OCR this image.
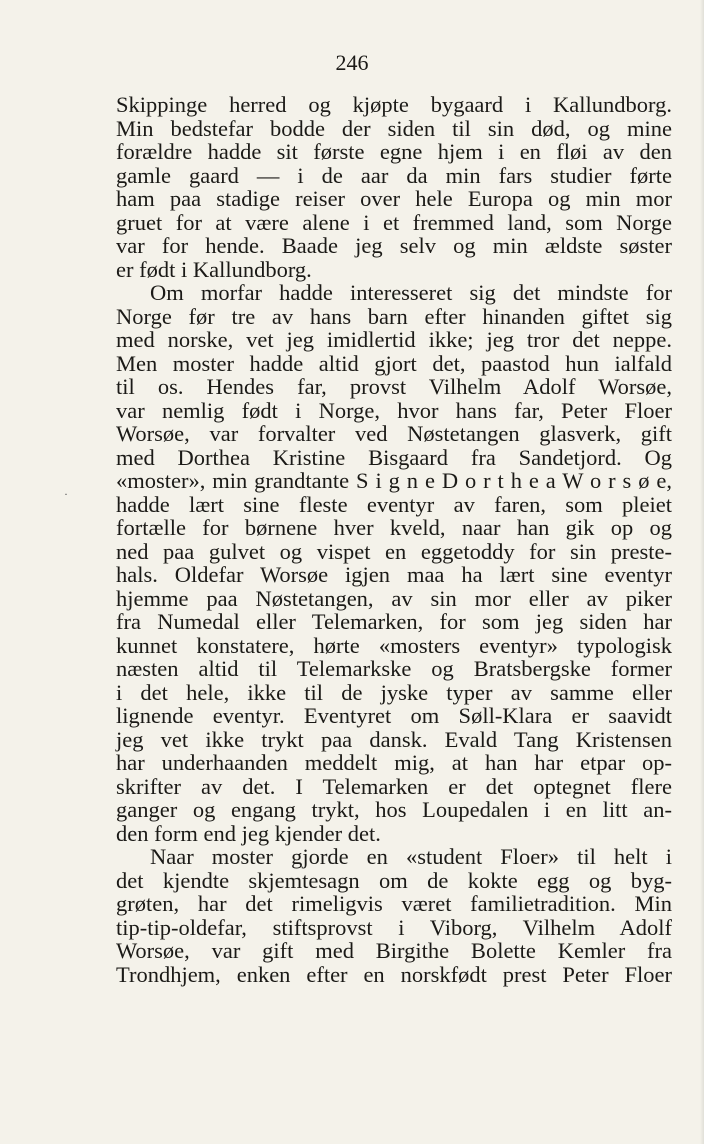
246
·
Skippinge herred og kjøpte bygaard i Kallundborg.
Min bedstefar bodde der siden til sin død, og mine
forældre hadde sit første egne hjem i en fløi av den
gamle gaard — i de aar da min fars studier førte
ham paa stadige reiser over hele Europa og min mor
gruet for at være alene i et fremmed land, som Norge
var for hende. Baade jeg selv og min ældste søster
er født i Kallundborg.
Om morfar hadde interesseret sig det mindste for
Norge før tre av hans barn efter hinanden giftet sig
med norske, vet jeg imidlertid ikke; jeg tror det neppe.
Men moster hadde altid gjort det, paastod hun ialfald
til os. Hendes far, provst Vilhelm Adolf Worsøe,
var nemlig født i Norge, hvor hans far, Peter Floer
Worsøe, var forvalter ved Nøstetangen glasverk, gift
med Dorthea Kristine Bisgaard fra Sandetjord. Og
«moster», min grandtante S i g n e D o r t h e a W o r s ø e,
hadde lært sine fleste eventyr av faren, som pleiet
fortælle for børnene hver kveld, naar han gik op og
ned paa gulvet og vispet en eggetoddy for sin preste-
hals. Oldefar Worsøe igjen maa ha lært sine eventyr
hjemme paa Nøstetangen, av sin mor eller av piker
fra Numedal eller Telemarken, for som jeg siden har
kunnet konstatere, hørte «mosters eventyr» typologisk
næsten altid til Telemarkske og Bratsbergske former
i det hele, ikke til de jyske typer av samme eller
lignende eventyr. Eventyret om Søll-Klara er saavidt
jeg vet ikke trykt paa dansk. Evald Tang Kristensen
har underhaanden meddelt mig, at han har etpar op-
skrifter av det. I Telemarken er det optegnet flere
ganger og engang trykt, hos Loupedalen i en litt an-
den form end jeg kjender det.
Naar moster gjorde en «student Floer» til helt i
det kjendte skjemtesagn om de kokte egg og byg-
grøten, har det rimeligvis været familietradition. Min
tip-tip-oldefar, stiftsprovst i Viborg, Vilhelm Adolf
Worsøe, var gift med Birgithe Bolette Kemler fra
Trondhjem, enken efter en norskfødt prest Peter Floer
